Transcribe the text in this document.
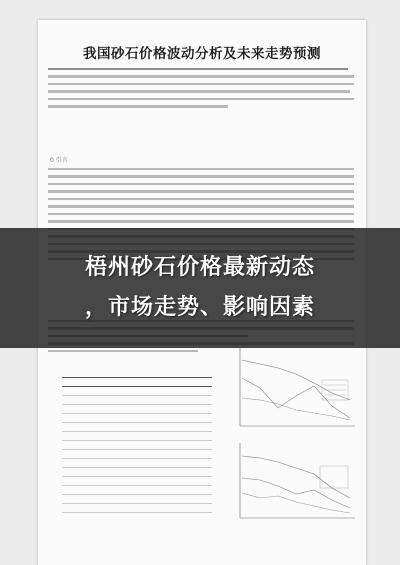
我国砂石价格波动分析及未来走势预测
0 引言

梧州砂石价格最新动态
，市场走势、影响因素
